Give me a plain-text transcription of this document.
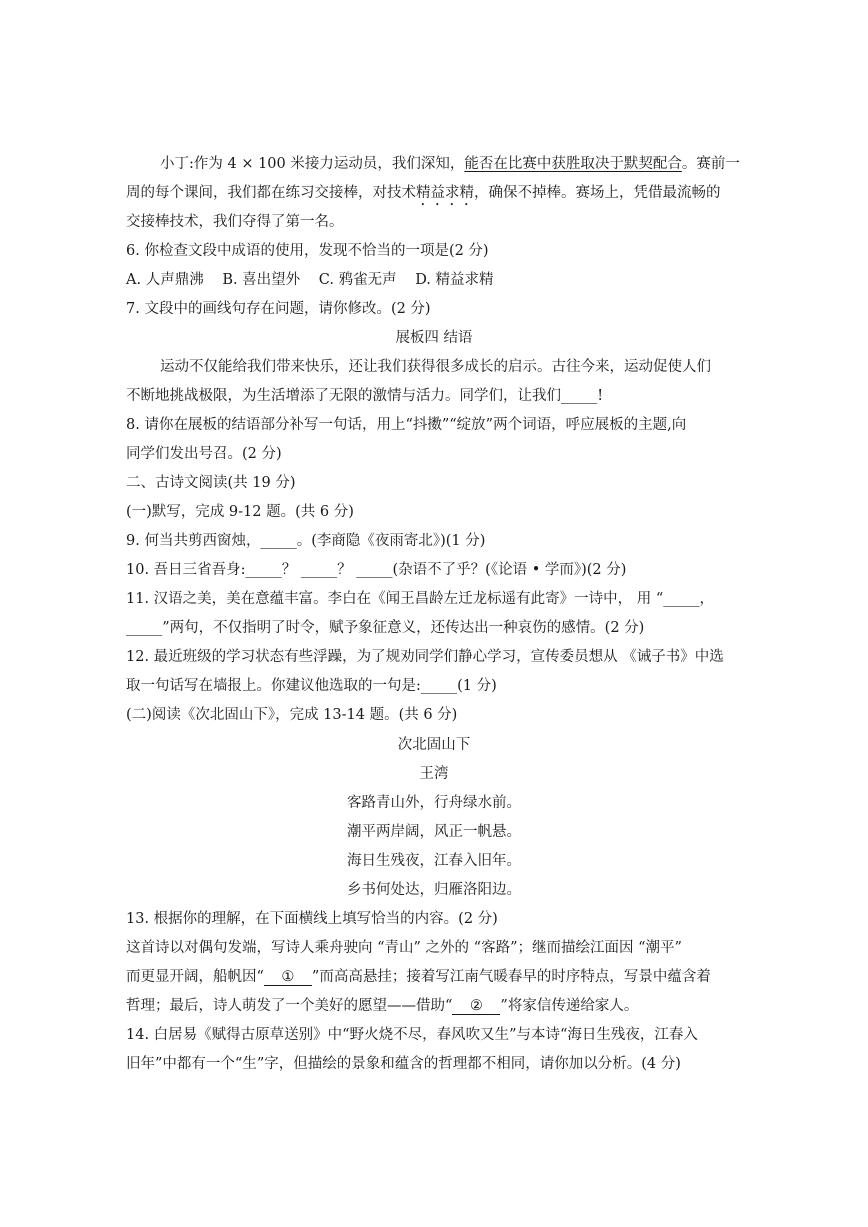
小丁:作为 4 × 100 米接力运动员，我们深知，能否在比赛中获胜取决于默契配合。赛前一
周的每个课间，我们都在练习交接棒，对技术精益求精，确保不掉棒。赛场上，凭借最流畅的
交接棒技术，我们夺得了第一名。
6. 你检查文段中成语的使用，发现不恰当的一项是(2 分)
A. 人声鼎沸 B. 喜出望外 C. 鸦雀无声 D. 精益求精
7. 文段中的画线句存在问题，请你修改。(2 分)
展板四 结语
运动不仅能给我们带来快乐，还让我们获得很多成长的启示。古往今来，运动促使人们
不断地挑战极限，为生活增添了无限的激情与活力。同学们，让我们_____!
8. 请你在展板的结语部分补写一句话，用上“抖擞”“绽放”两个词语，呼应展板的主题,向
同学们发出号召。(2 分)
二、古诗文阅读(共 19 分)
(一)默写，完成 9-12 题。(共 6 分)
9. 何当共剪西窗烛，_____。(李商隐《夜雨寄北》)(1 分)
10. 吾日三省吾身:_____？ _____？ _____(杂语不了乎？(《论语 • 学而》)(2 分)
11. 汉语之美，美在意蕴丰富。李白在《闻王昌龄左迁龙标遥有此寄》一诗中， 用 “_____，
_____”两句，不仅指明了时令，赋予象征意义，还传达出一种哀伤的感情。(2 分)
12. 最近班级的学习状态有些浮躁，为了规劝同学们静心学习，宣传委员想从 《诫子书》中选
取一句话写在墙报上。你建议他选取的一句是:_____(1 分)
(二)阅读《次北固山下》，完成 13-14 题。(共 6 分)
次北固山下
王湾
客路青山外，行舟绿水前。
潮平两岸阔，风正一帆悬。
海日生残夜，江春入旧年。
乡书何处达，归雁洛阳边。
13. 根据你的理解，在下面横线上填写恰当的内容。(2 分)
这首诗以对偶句发端，写诗人乘舟驶向 “青山” 之外的 “客路”；继而描绘江面因 “潮平”
而更显开阔，船帆因“ ① ”而高高悬挂；接着写江南气暖春早的时序特点，写景中蕴含着
哲理；最后，诗人萌发了一个美好的愿望——借助“ ② ”将家信传递给家人。
14. 白居易《赋得古原草送别》中“野火烧不尽，春风吹又生”与本诗“海日生残夜，江春入
旧年”中都有一个“生”字，但描绘的景象和蕴含的哲理都不相同，请你加以分析。(4 分)
